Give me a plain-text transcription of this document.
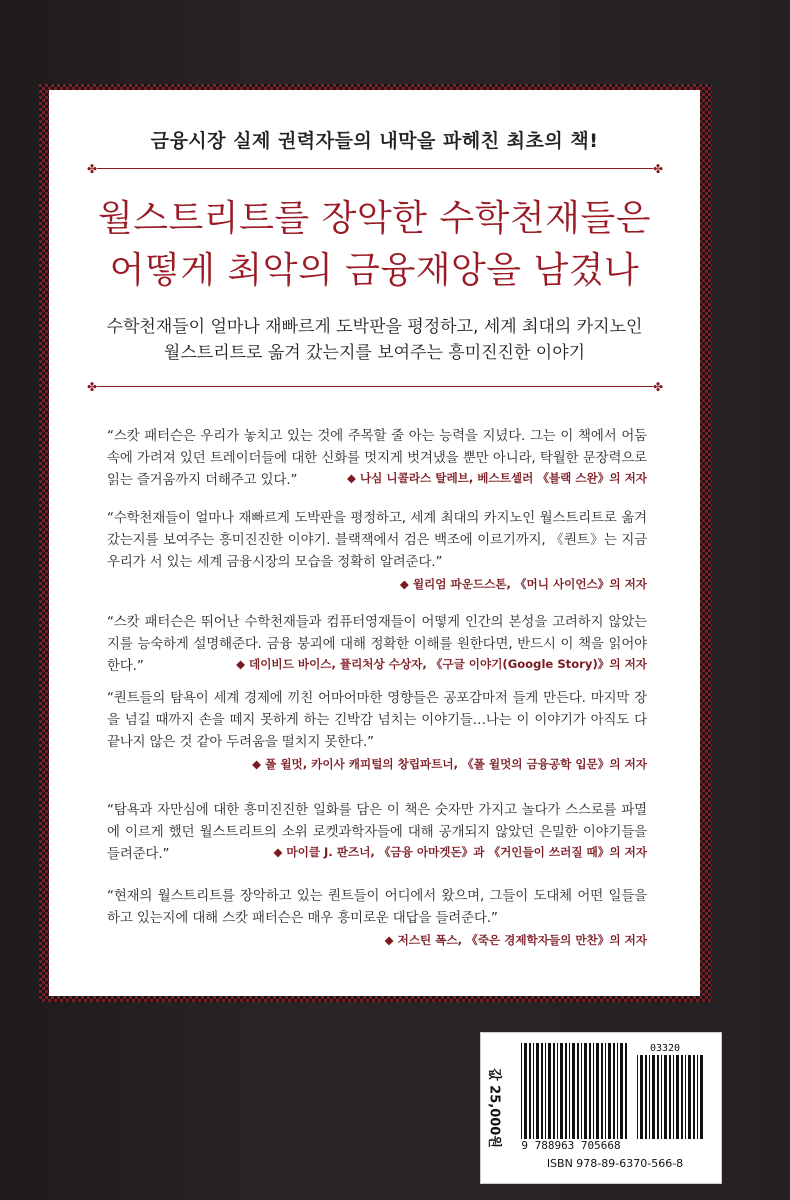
금융시장 실제 권력자들의 내막을 파헤친 최초의 책!
✤	✤
월스트리트를 장악한 수학천재들은
어떻게 최악의 금융재앙을 남겼나
수학천재들이 얼마나 재빠르게 도박판을 평정하고, 세계 최대의 카지노인
월스트리트로 옮겨 갔는지를 보여주는 흥미진진한 이야기
✤	✤
“스캇 패터슨은 우리가 놓치고 있는 것에 주목할 줄 아는 능력을 지녔다. 그는 이 책에서 어둠 속에 가려져 있던 트레이더들에 대한 신화를 멋지게 벗겨냈을 뿐만 아니라, 탁월한 문장력으로 읽는 즐거움까지 더해주고 있다.”	◆ 나심 니콜라스 탈레브, 베스트셀러 《블랙 스완》의 저자
“수학천재들이 얼마나 재빠르게 도박판을 평정하고, 세계 최대의 카지노인 월스트리트로 옮겨 갔는지를 보여주는 흥미진진한 이야기. 블랙잭에서 검은 백조에 이르기까지, 《퀀트》는 지금 우리가 서 있는 세계 금융시장의 모습을 정확히 알려준다.”
◆ 윌리엄 파운드스톤, 《머니 사이언스》의 저자
“스캇 패터슨은 뛰어난 수학천재들과 컴퓨터영재들이 어떻게 인간의 본성을 고려하지 않았는지를 능숙하게 설명해준다. 금융 붕괴에 대해 정확한 이해를 원한다면, 반드시 이 책을 읽어야 한다.”	◆ 데이비드 바이스, 퓰리처상 수상자, 《구글 이야기(Google Story)》의 저자
“퀀트들의 탐욕이 세계 경제에 끼친 어마어마한 영향들은 공포감마저 들게 만든다. 마지막 장을 넘길 때까지 손을 떼지 못하게 하는 긴박감 넘치는 이야기들…나는 이 이야기가 아직도 다 끝나지 않은 것 같아 두려움을 떨치지 못한다.”
◆ 폴 윌멋, 카이사 캐피털의 창립파트너, 《폴 윌멋의 금융공학 입문》의 저자
“탐욕과 자만심에 대한 흥미진진한 일화를 담은 이 책은 숫자만 가지고 놀다가 스스로를 파멸에 이르게 했던 월스트리트의 소위 로켓과학자들에 대해 공개되지 않았던 은밀한 이야기들을 들려준다.”	◆ 마이클 J. 판즈너, 《금융 아마겟돈》과 《거인들이 쓰러질 때》의 저자
“현재의 월스트리트를 장악하고 있는 퀀트들이 어디에서 왔으며, 그들이 도대체 어떤 일들을 하고 있는지에 대해 스캇 패터슨은 매우 흥미로운 대답을 들려준다.”
◆ 저스틴 폭스, 《죽은 경제학자들의 만찬》의 저자
값 25,000원
03320
9 788963 705668
ISBN 978-89-6370-566-8
